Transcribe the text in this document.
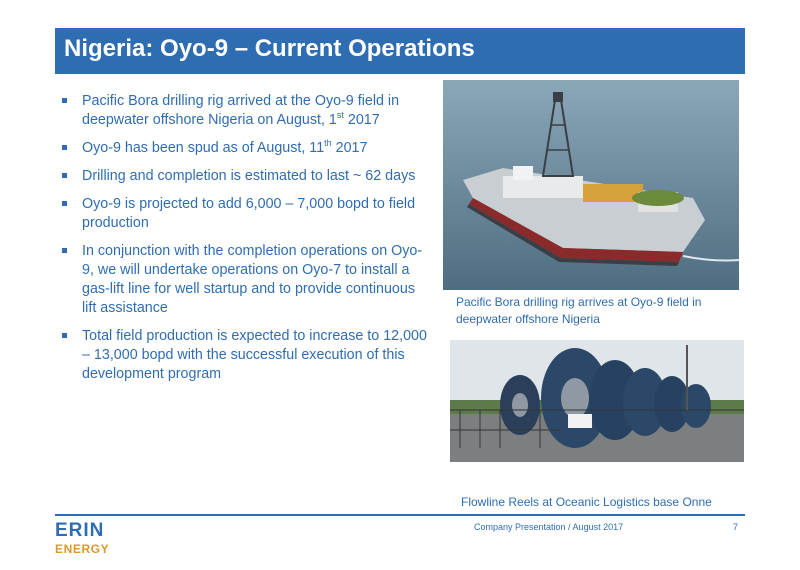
Nigeria: Oyo-9 – Current Operations
Pacific Bora drilling rig arrived at the Oyo-9 field in deepwater offshore Nigeria on August, 1st 2017
Oyo-9 has been spud as of August, 11th 2017
Drilling and completion is estimated to last ~ 62 days
Oyo-9 is projected to add 6,000 – 7,000 bopd to field production
In conjunction with the completion operations on Oyo-9, we will undertake operations on Oyo-7 to install a gas-lift line for well startup and to provide continuous lift assistance
Total field production is expected to increase to 12,000 – 13,000 bopd with the successful execution of this development program
Pacific Bora drilling rig arrives at Oyo-9 field in deepwater offshore Nigeria
Flowline Reels at Oceanic Logistics base Onne
ERIN
ENERGY
Company Presentation / August 2017	7
